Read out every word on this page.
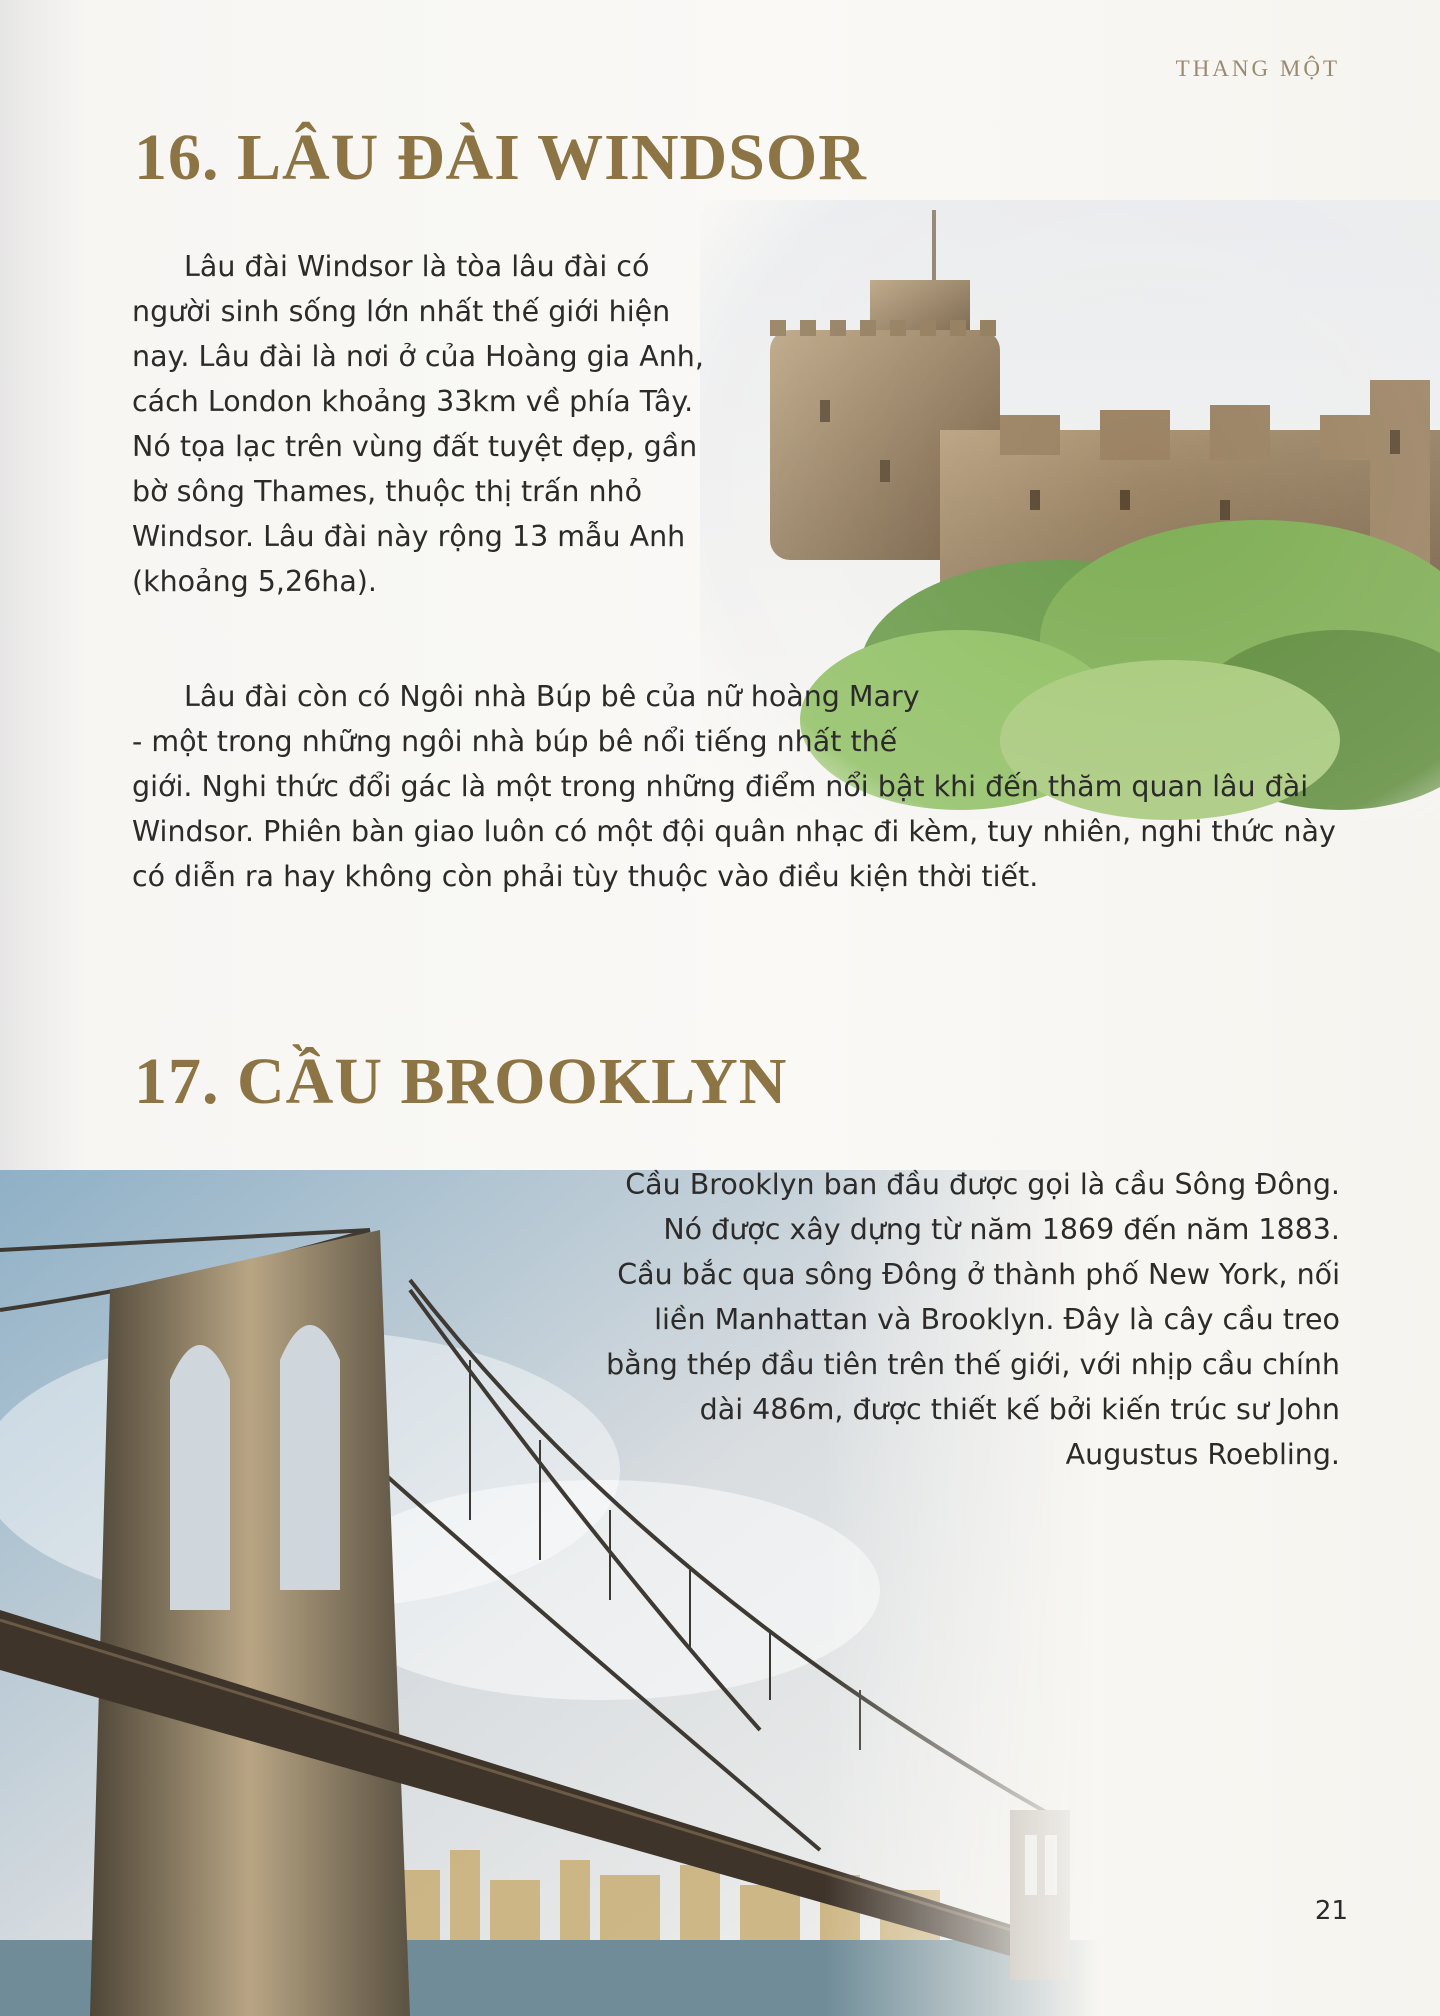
THANG MỘT
16. LÂU ĐÀI WINDSOR

Lâu đài Windsor là tòa lâu đài có người sinh sống lớn nhất thế giới hiện nay. Lâu đài là nơi ở của Hoàng gia Anh, cách London khoảng 33km về phía Tây. Nó tọa lạc trên vùng đất tuyệt đẹp, gần bờ sông Thames, thuộc thị trấn nhỏ Windsor. Lâu đài này rộng 13 mẫu Anh (khoảng 5,26ha).

Lâu đài còn có Ngôi nhà Búp bê của nữ hoàng Mary - một trong những ngôi nhà búp bê nổi tiếng nhất thế giới. Nghi thức đổi gác là một trong những điểm nổi bật khi đến thăm quan lâu đài Windsor. Phiên bàn giao luôn có một đội quân nhạc đi kèm, tuy nhiên, nghi thức này có diễn ra hay không còn phải tùy thuộc vào điều kiện thời tiết.

17. CẦU BROOKLYN

Cầu Brooklyn ban đầu được gọi là cầu Sông Đông. Nó được xây dựng từ năm 1869 đến năm 1883. Cầu bắc qua sông Đông ở thành phố New York, nối liền Manhattan và Brooklyn. Đây là cây cầu treo bằng thép đầu tiên trên thế giới, với nhịp cầu chính dài 486m, được thiết kế bởi kiến trúc sư John Augustus Roebling.

21
